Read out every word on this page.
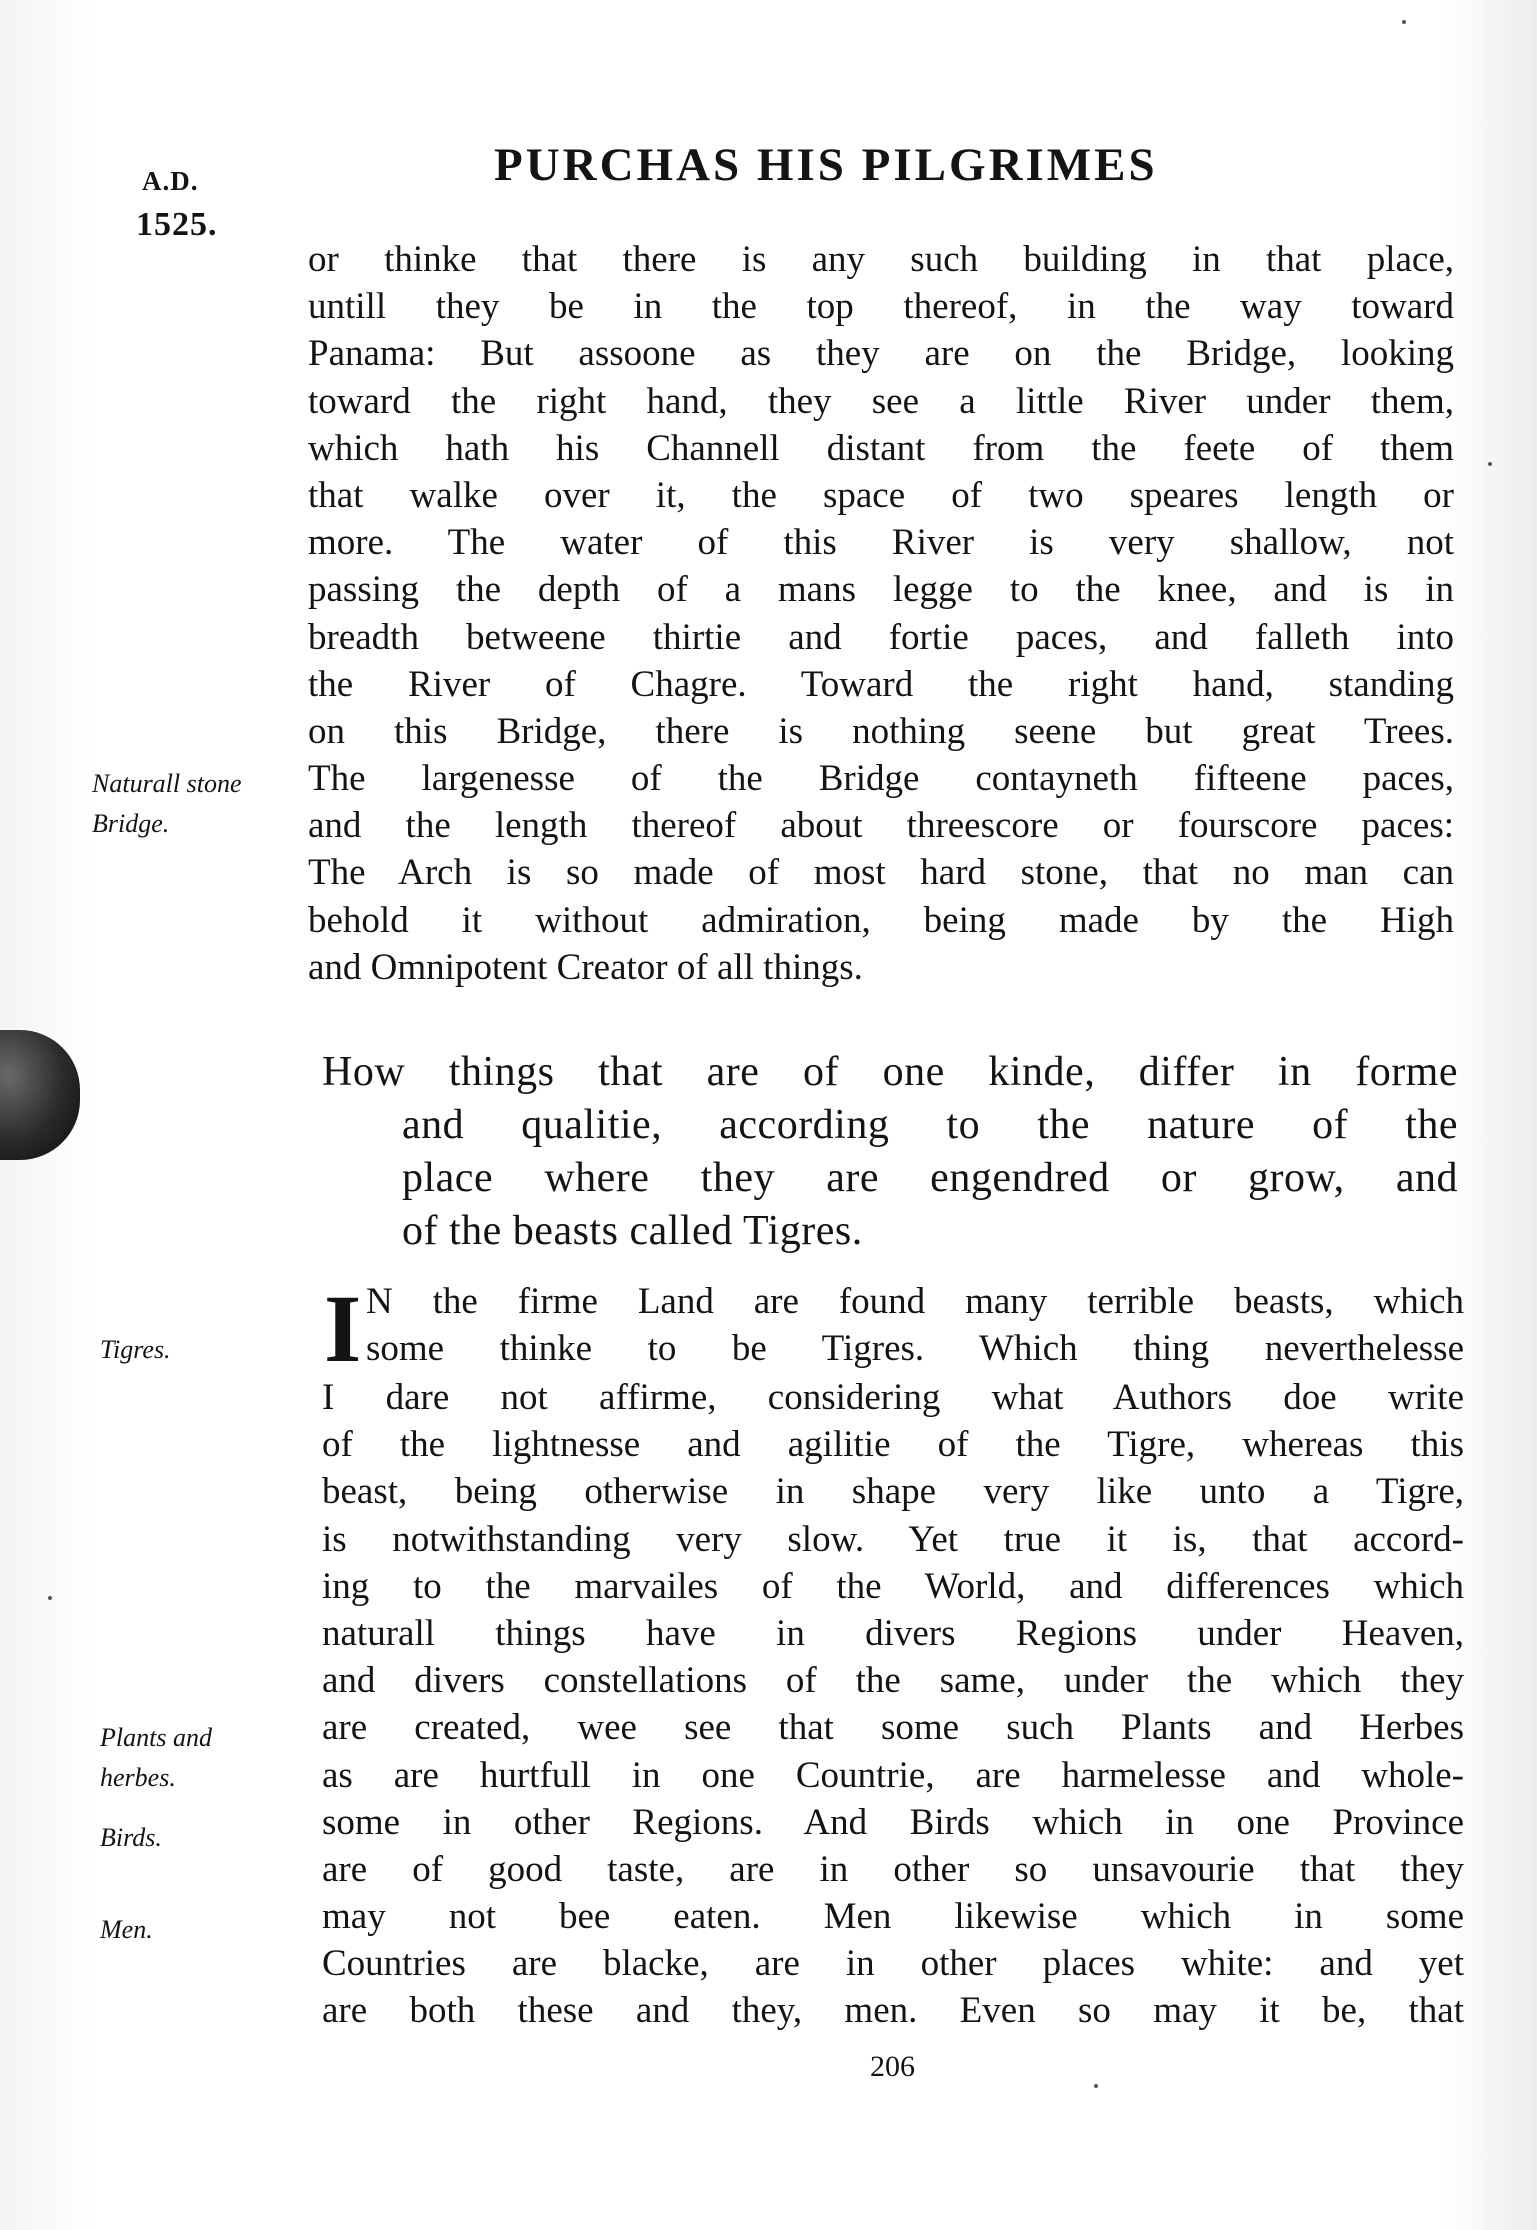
A.D.
1525.
PURCHAS HIS PILGRIMES
Naturall stone
Bridge.
Tigres.
Plants and
herbes.
Birds.
Men.
or thinke that there is any such building in that place,
untill they be in the top thereof, in the way toward
Panama: But assoone as they are on the Bridge, looking
toward the right hand, they see a little River under them,
which hath his Channell distant from the feete of them
that walke over it, the space of two speares length or
more. The water of this River is very shallow, not
passing the depth of a mans legge to the knee, and is in
breadth betweene thirtie and fortie paces, and falleth into
the River of Chagre. Toward the right hand, standing
on this Bridge, there is nothing seene but great Trees.
The largenesse of the Bridge contayneth fifteene paces,
and the length thereof about threescore or fourscore paces:
The Arch is so made of most hard stone, that no man can
behold it without admiration, being made by the High
and Omnipotent Creator of all things.
How things that are of one kinde, differ in forme
and qualitie, according to the nature of the
place where they are engendred or grow, and
of the beasts called Tigres.
I N the firme Land are found many terrible beasts, which
some thinke to be Tigres. Which thing neverthelesse
I dare not affirme, considering what Authors doe write
of the lightnesse and agilitie of the Tigre, whereas this
beast, being otherwise in shape very like unto a Tigre,
is notwithstanding very slow. Yet true it is, that accord-
ing to the marvailes of the World, and differences which
naturall things have in divers Regions under Heaven,
and divers constellations of the same, under the which they
are created, wee see that some such Plants and Herbes
as are hurtfull in one Countrie, are harmelesse and whole-
some in other Regions. And Birds which in one Province
are of good taste, are in other so unsavourie that they
may not bee eaten. Men likewise which in some
Countries are blacke, are in other places white: and yet
are both these and they, men. Even so may it be, that
206
